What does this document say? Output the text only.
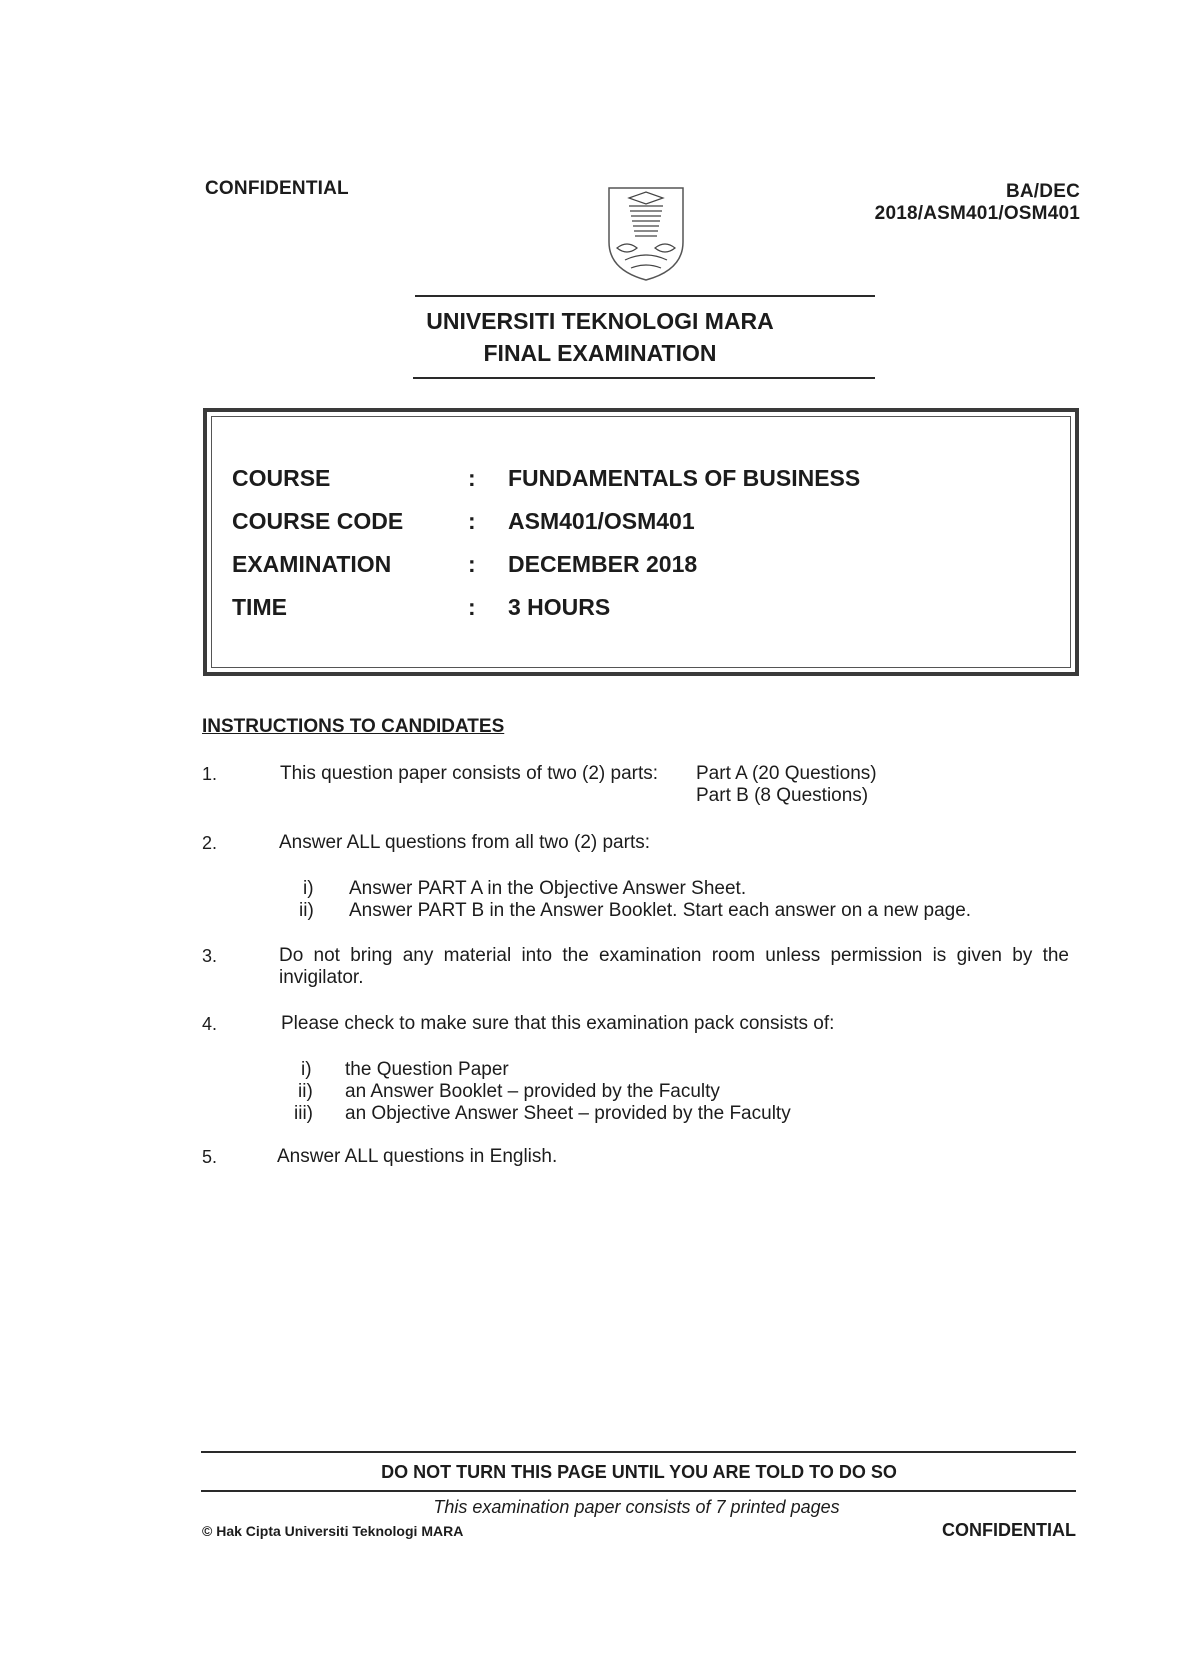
CONFIDENTIAL	BA/DEC 2018/ASM401/OSM401
UNIVERSITI TEKNOLOGI MARA
FINAL EXAMINATION
COURSE	: FUNDAMENTALS OF BUSINESS
COURSE CODE	: ASM401/OSM401
EXAMINATION	: DECEMBER 2018
TIME	: 3 HOURS
INSTRUCTIONS TO CANDIDATES
1.	This question paper consists of two (2) parts: Part A (20 Questions)
Part B (8 Questions)
2.	Answer ALL questions from all two (2) parts:
i) Answer PART A in the Objective Answer Sheet.
ii) Answer PART B in the Answer Booklet. Start each answer on a new page.
3.	Do not bring any material into the examination room unless permission is given by the
invigilator.
4.	Please check to make sure that this examination pack consists of:
i) the Question Paper
ii) an Answer Booklet – provided by the Faculty
iii) an Objective Answer Sheet – provided by the Faculty
5.	Answer ALL questions in English.
DO NOT TURN THIS PAGE UNTIL YOU ARE TOLD TO DO SO
This examination paper consists of 7 printed pages
© Hak Cipta Universiti Teknologi MARA	CONFIDENTIAL
